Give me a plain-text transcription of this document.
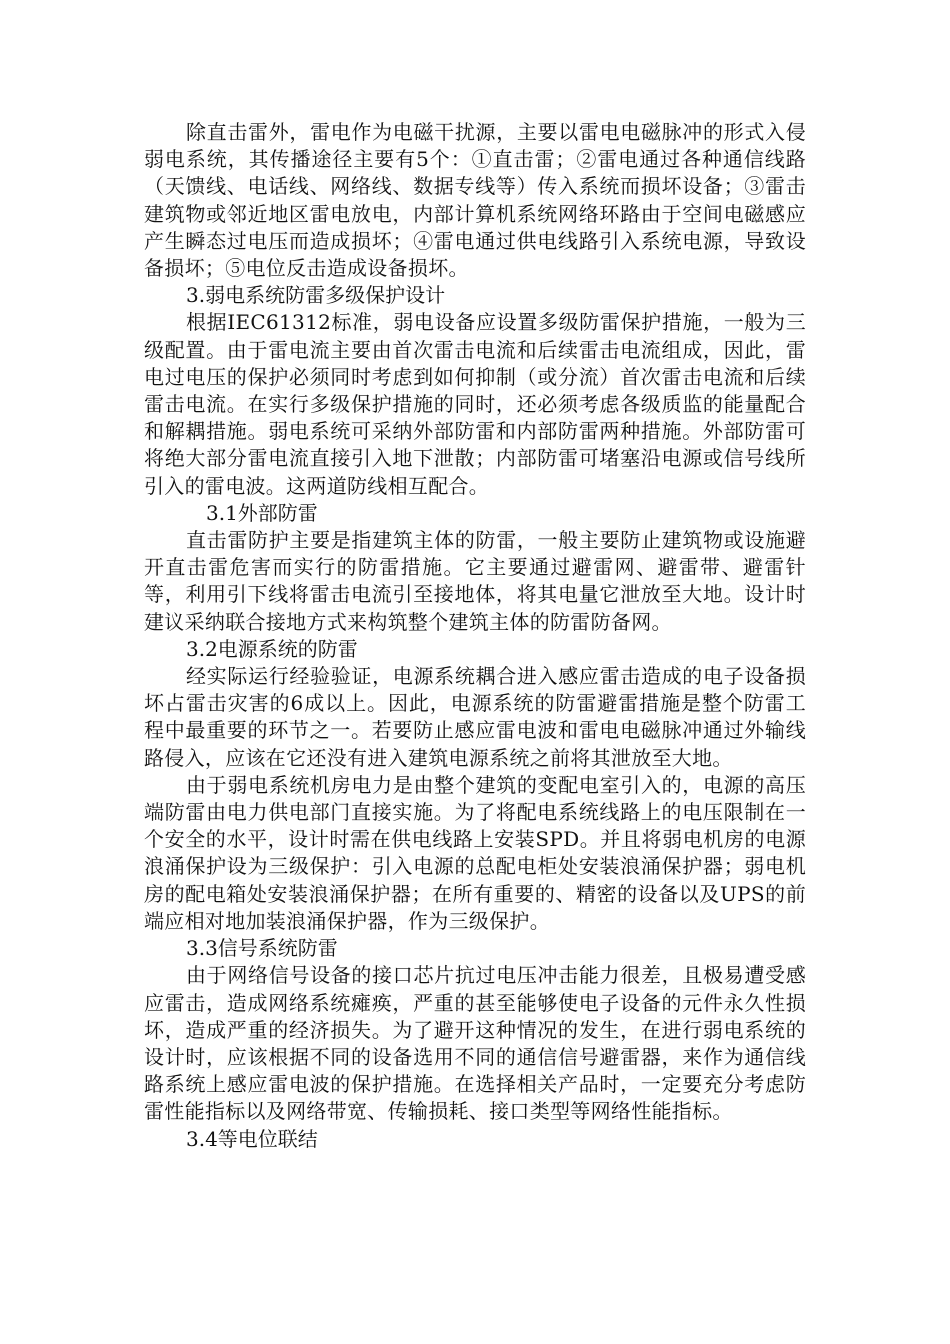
除直击雷外，雷电作为电磁干扰源，主要以雷电电磁脉冲的形式入侵弱电系统，其传播途径主要有5个：①直击雷；②雷电通过各种通信线路（天馈线、电话线、网络线、数据专线等）传入系统而损坏设备；③雷击建筑物或邻近地区雷电放电，内部计算机系统网络环路由于空间电磁感应产生瞬态过电压而造成损坏；④雷电通过供电线路引入系统电源，导致设备损坏；⑤电位反击造成设备损坏。

3.弱电系统防雷多级保护设计

根据IEC61312标准，弱电设备应设置多级防雷保护措施，一般为三级配置。由于雷电流主要由首次雷击电流和后续雷击电流组成，因此，雷电过电压的保护必须同时考虑到如何抑制（或分流）首次雷击电流和后续雷击电流。在实行多级保护措施的同时，还必须考虑各级质监的能量配合和解耦措施。弱电系统可采纳外部防雷和内部防雷两种措施。外部防雷可将绝大部分雷电流直接引入地下泄散；内部防雷可堵塞沿电源或信号线所引入的雷电波。这两道防线相互配合。

3.1外部防雷

直击雷防护主要是指建筑主体的防雷，一般主要防止建筑物或设施避开直击雷危害而实行的防雷措施。它主要通过避雷网、避雷带、避雷针等，利用引下线将雷击电流引至接地体，将其电量它泄放至大地。设计时建议采纳联合接地方式来构筑整个建筑主体的防雷防备网。

3.2电源系统的防雷

经实际运行经验验证，电源系统耦合进入感应雷击造成的电子设备损坏占雷击灾害的6成以上。因此，电源系统的防雷避雷措施是整个防雷工程中最重要的环节之一。若要防止感应雷电波和雷电电磁脉冲通过外输线路侵入，应该在它还没有进入建筑电源系统之前将其泄放至大地。

由于弱电系统机房电力是由整个建筑的变配电室引入的，电源的高压端防雷由电力供电部门直接实施。为了将配电系统线路上的电压限制在一个安全的水平，设计时需在供电线路上安装SPD。并且将弱电机房的电源浪涌保护设为三级保护：引入电源的总配电柜处安装浪涌保护器；弱电机房的配电箱处安装浪涌保护器；在所有重要的、精密的设备以及UPS的前端应相对地加装浪涌保护器，作为三级保护。

3.3信号系统防雷

由于网络信号设备的接口芯片抗过电压冲击能力很差，且极易遭受感应雷击，造成网络系统瘫痪，严重的甚至能够使电子设备的元件永久性损坏，造成严重的经济损失。为了避开这种情况的发生，在进行弱电系统的设计时，应该根据不同的设备选用不同的通信信号避雷器，来作为通信线路系统上感应雷电波的保护措施。在选择相关产品时，一定要充分考虑防雷性能指标以及网络带宽、传输损耗、接口类型等网络性能指标。

3.4等电位联结
